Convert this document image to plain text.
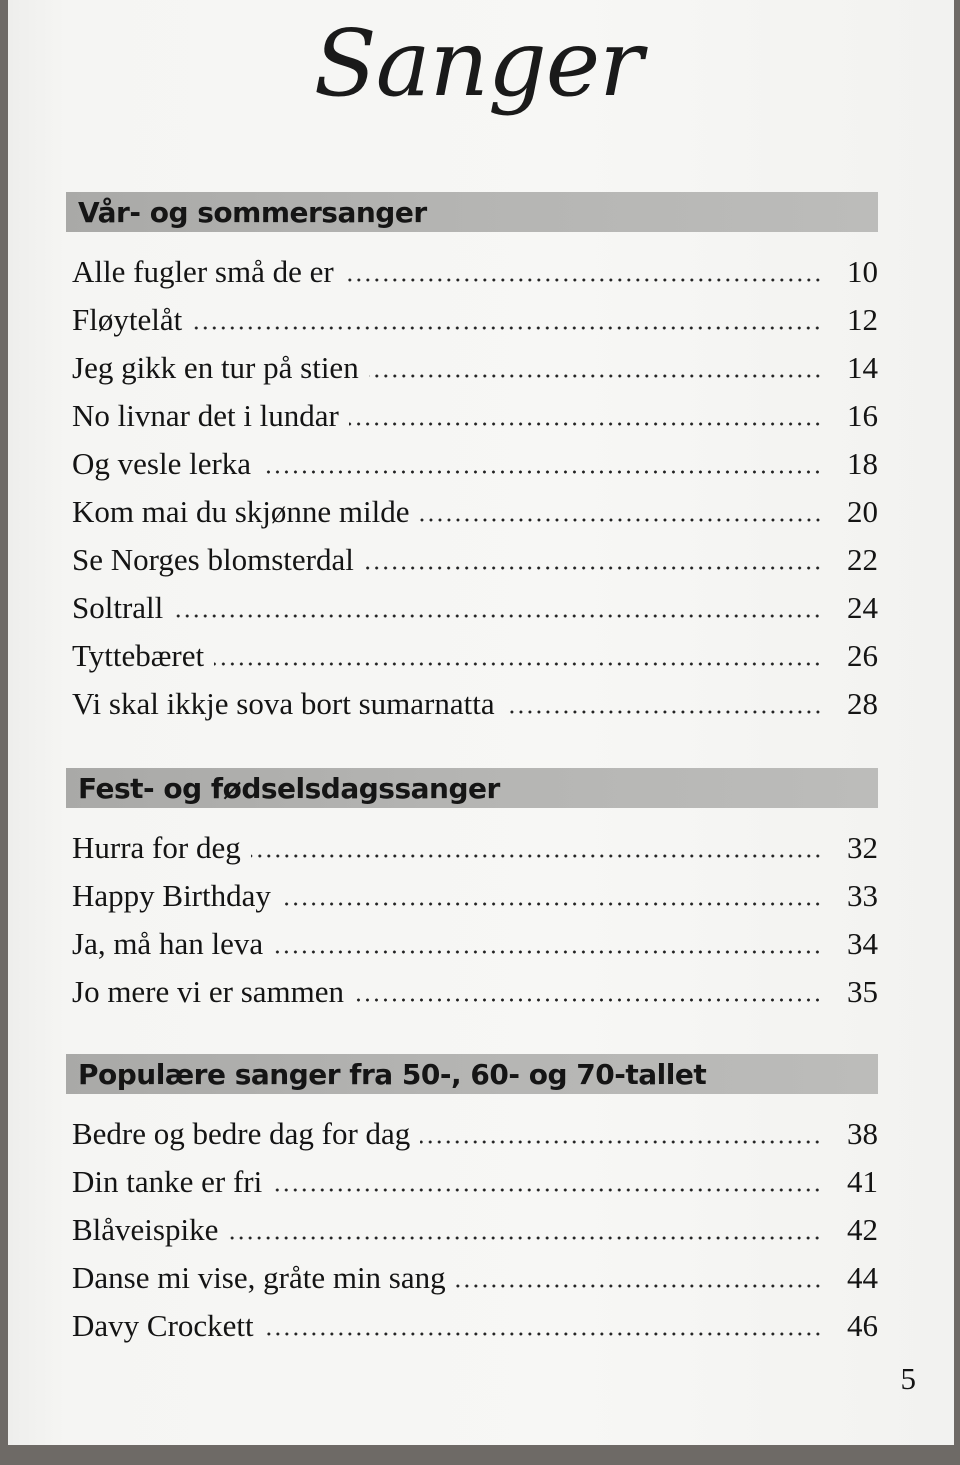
Sanger
Vår- og sommersanger
Alle fugler små de er	10
Fløytelåt	12
Jeg gikk en tur på stien	14
No livnar det i lundar	16
Og vesle lerka	18
Kom mai du skjønne milde	20
Se Norges blomsterdal	22
Soltrall	24
Tyttebæret	26
Vi skal ikkje sova bort sumarnatta	28
Fest- og fødselsdagssanger
Hurra for deg	32
Happy Birthday	33
Ja, må han leva	34
Jo mere vi er sammen	35
Populære sanger fra 50-, 60- og 70-tallet
Bedre og bedre dag for dag	38
Din tanke er fri	41
Blåveispike	42
Danse mi vise, gråte min sang	44
Davy Crockett	46
5
